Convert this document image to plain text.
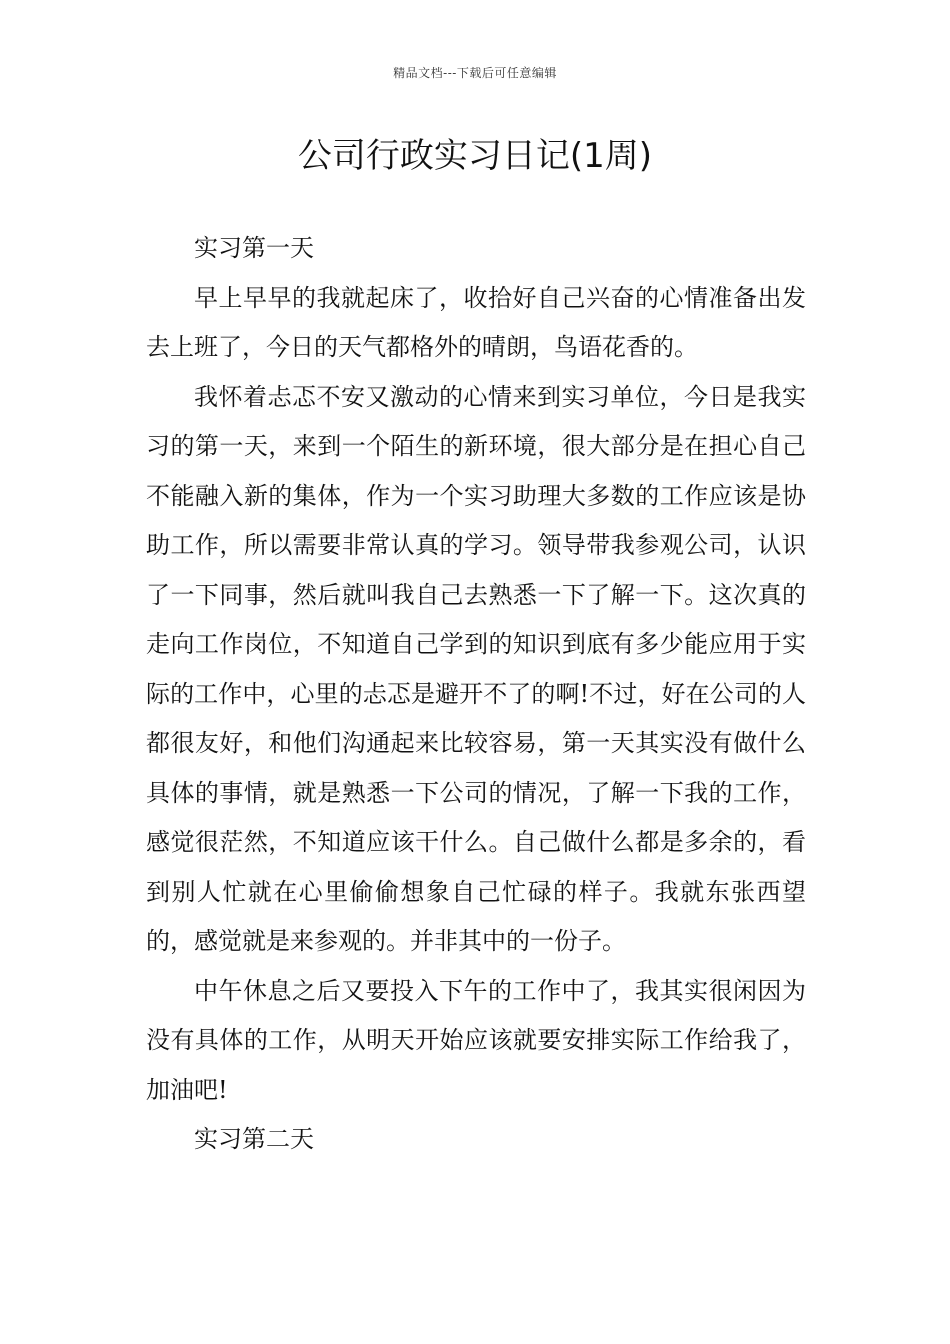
精品文档---下载后可任意编辑
公司行政实习日记(1周)

实习第一天

早上早早的我就起床了，收拾好自己兴奋的心情准备出发去上班了，今日的天气都格外的晴朗，鸟语花香的。

我怀着忐忑不安又激动的心情来到实习单位，今日是我实习的第一天，来到一个陌生的新环境，很大部分是在担心自己不能融入新的集体，作为一个实习助理大多数的工作应该是协助工作，所以需要非常认真的学习。领导带我参观公司，认识了一下同事，然后就叫我自己去熟悉一下了解一下。这次真的走向工作岗位，不知道自己学到的知识到底有多少能应用于实际的工作中，心里的忐忑是避开不了的啊!不过，好在公司的人都很友好，和他们沟通起来比较容易，第一天其实没有做什么具体的事情，就是熟悉一下公司的情况，了解一下我的工作，感觉很茫然，不知道应该干什么。自己做什么都是多余的，看到别人忙就在心里偷偷想象自己忙碌的样子。我就东张西望的，感觉就是来参观的。并非其中的一份子。

中午休息之后又要投入下午的工作中了，我其实很闲因为没有具体的工作，从明天开始应该就要安排实际工作给我了，加油吧!

实习第二天
